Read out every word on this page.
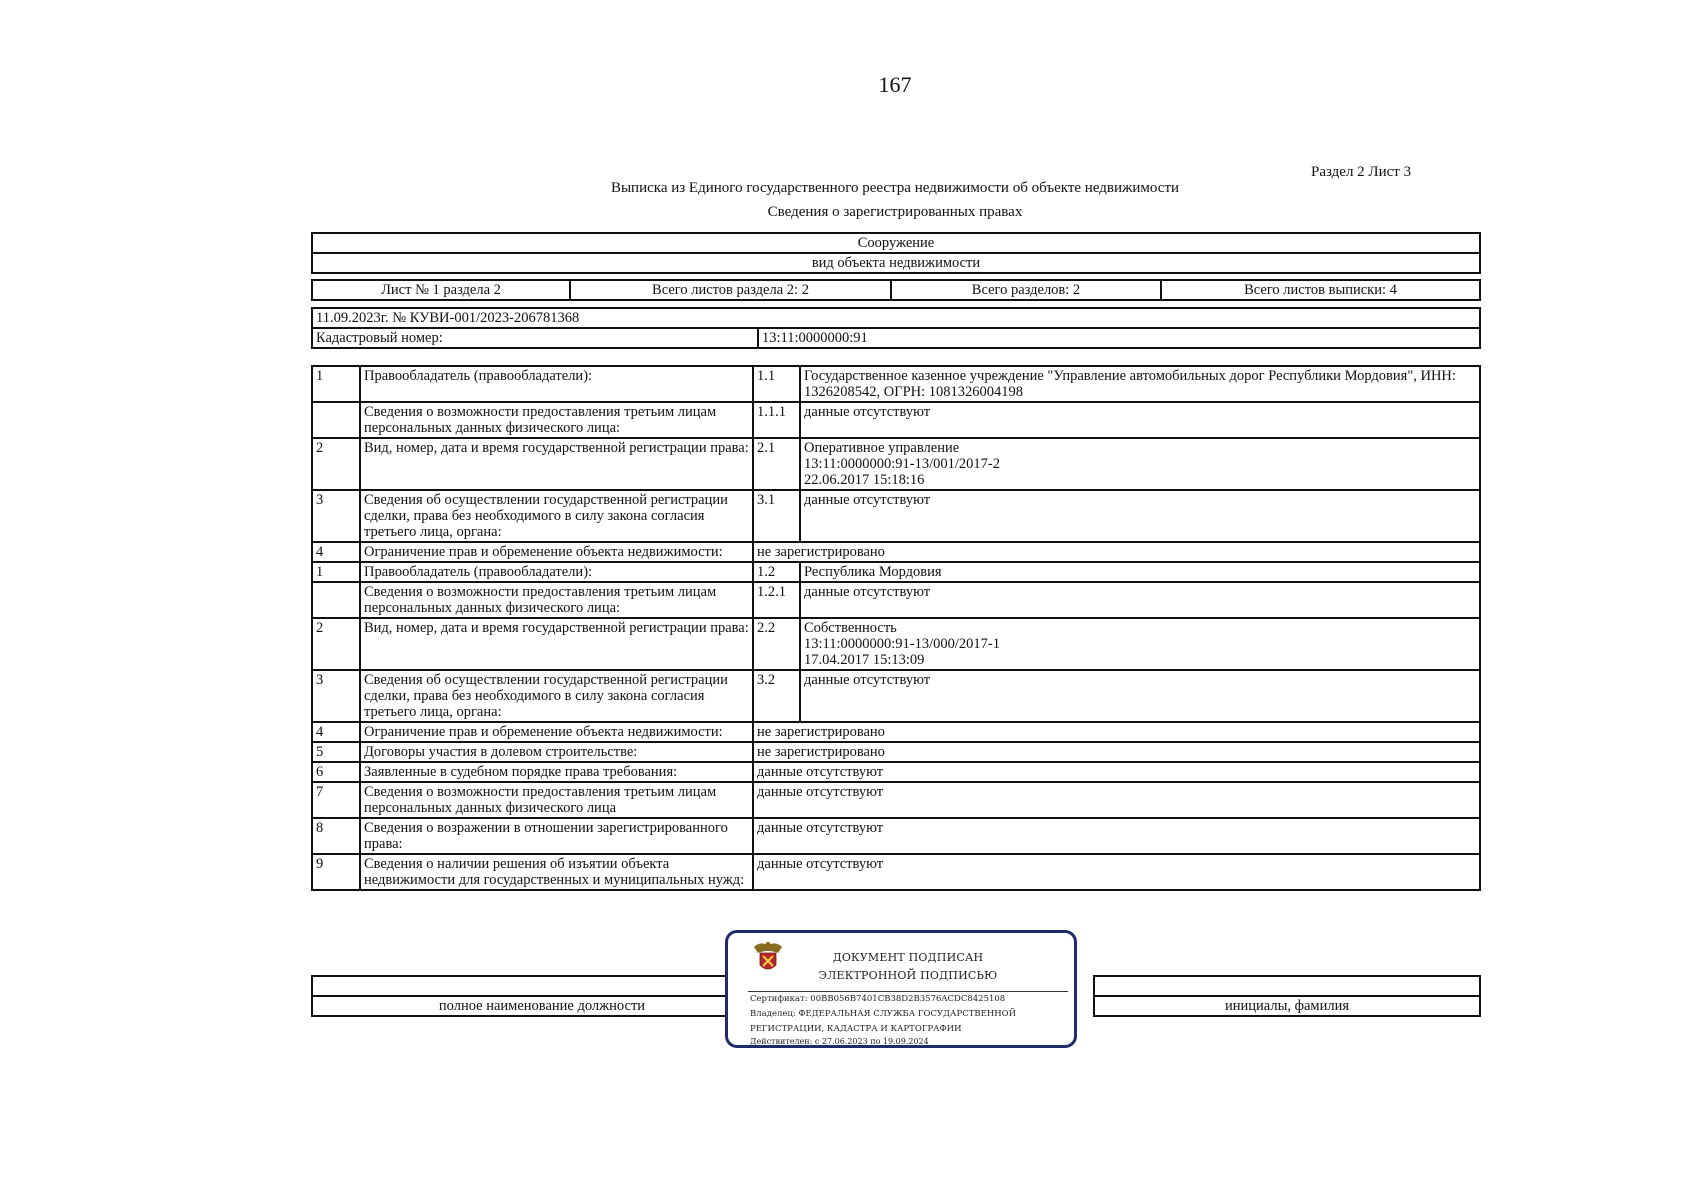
167
Раздел 2 Лист 3
Выписка из Единого государственного реестра недвижимости об объекте недвижимости
Сведения о зарегистрированных правах
Сооружение
вид объекта недвижимости
Лист № 1 раздела 2	Всего листов раздела 2: 2	Всего разделов: 2	Всего листов выписки: 4
11.09.2023г. № КУВИ-001/2023-206781368
Кадастровый номер:	13:11:0000000:91
1	Правообладатель (правообладатели):	1.1	Государственное казенное учреждение "Управление автомобильных дорог Республики Мордовия", ИНН: 1326208542, ОГРН: 1081326004198
	Сведения о возможности предоставления третьим лицам персональных данных физического лица:	1.1.1	данные отсутствуют
2	Вид, номер, дата и время государственной регистрации права:	2.1	Оперативное управление
13:11:0000000:91-13/001/2017-2
22.06.2017 15:18:16
3	Сведения об осуществлении государственной регистрации сделки, права без необходимого в силу закона согласия третьего лица, органа:	3.1	данные отсутствуют
4	Ограничение прав и обременение объекта недвижимости:	не зарегистрировано	
1	Правообладатель (правообладатели):	1.2	Республика Мордовия
	Сведения о возможности предоставления третьим лицам персональных данных физического лица:	1.2.1	данные отсутствуют
2	Вид, номер, дата и время государственной регистрации права:	2.2	Собственность
13:11:0000000:91-13/000/2017-1
17.04.2017 15:13:09
3	Сведения об осуществлении государственной регистрации сделки, права без необходимого в силу закона согласия третьего лица, органа:	3.2	данные отсутствуют
4	Ограничение прав и обременение объекта недвижимости:	не зарегистрировано	
5	Договоры участия в долевом строительстве:	не зарегистрировано	
6	Заявленные в судебном порядке права требования:	данные отсутствуют	
7	Сведения о возможности предоставления третьим лицам персональных данных физического лица	данные отсутствуют	
8	Сведения о возражении в отношении зарегистрированного права:	данные отсутствуют	
9	Сведения о наличии решения об изъятии объекта недвижимости для государственных и муниципальных нужд:	данные отсутствуют	

полное наименование должности		инициалы, фамилия
ДОКУМЕНТ ПОДПИСАН
ЭЛЕКТРОННОЙ ПОДПИСЬЮ
Сертификат: 00BB056B7401CB38D2B3576ACDC8425108
Владелец: ФЕДЕРАЛЬНАЯ СЛУЖБА ГОСУДАРСТВЕННОЙ
РЕГИСТРАЦИИ, КАДАСТРА И КАРТОГРАФИИ
Действителен: с 27.06.2023 по 19.09.2024
